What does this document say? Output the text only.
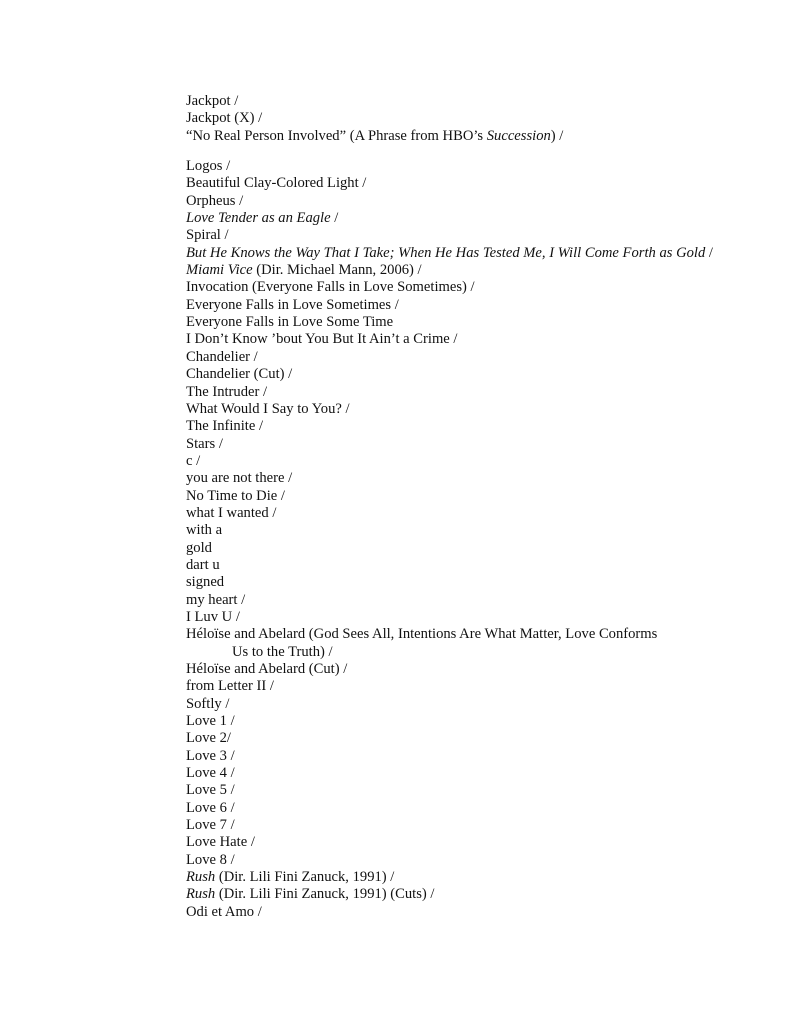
Jackpot /
Jackpot (X) /
“No Real Person Involved” (A Phrase from HBO’s Succession) /
Logos /
Beautiful Clay-Colored Light /
Orpheus /
Love Tender as an Eagle /
Spiral /
But He Knows the Way That I Take; When He Has Tested Me, I Will Come Forth as Gold /
Miami Vice (Dir. Michael Mann, 2006) /
Invocation (Everyone Falls in Love Sometimes) /
Everyone Falls in Love Sometimes /
Everyone Falls in Love Some Time
I Don’t Know ’bout You But It Ain’t a Crime /
Chandelier /
Chandelier (Cut) /
The Intruder /
What Would I Say to You? /
The Infinite /
Stars /
c /
you are not there /
No Time to Die /
what I wanted /
with a
gold
dart u
signed
my heart /
I Luv U /
Héloïse and Abelard (God Sees All, Intentions Are What Matter, Love Conforms
Us to the Truth) /
Héloïse and Abelard (Cut) /
from Letter II /
Softly /
Love 1 /
Love 2/
Love 3 /
Love 4 /
Love 5 /
Love 6 /
Love 7 /
Love Hate /
Love 8 /
Rush (Dir. Lili Fini Zanuck, 1991) /
Rush (Dir. Lili Fini Zanuck, 1991) (Cuts) /
Odi et Amo /
